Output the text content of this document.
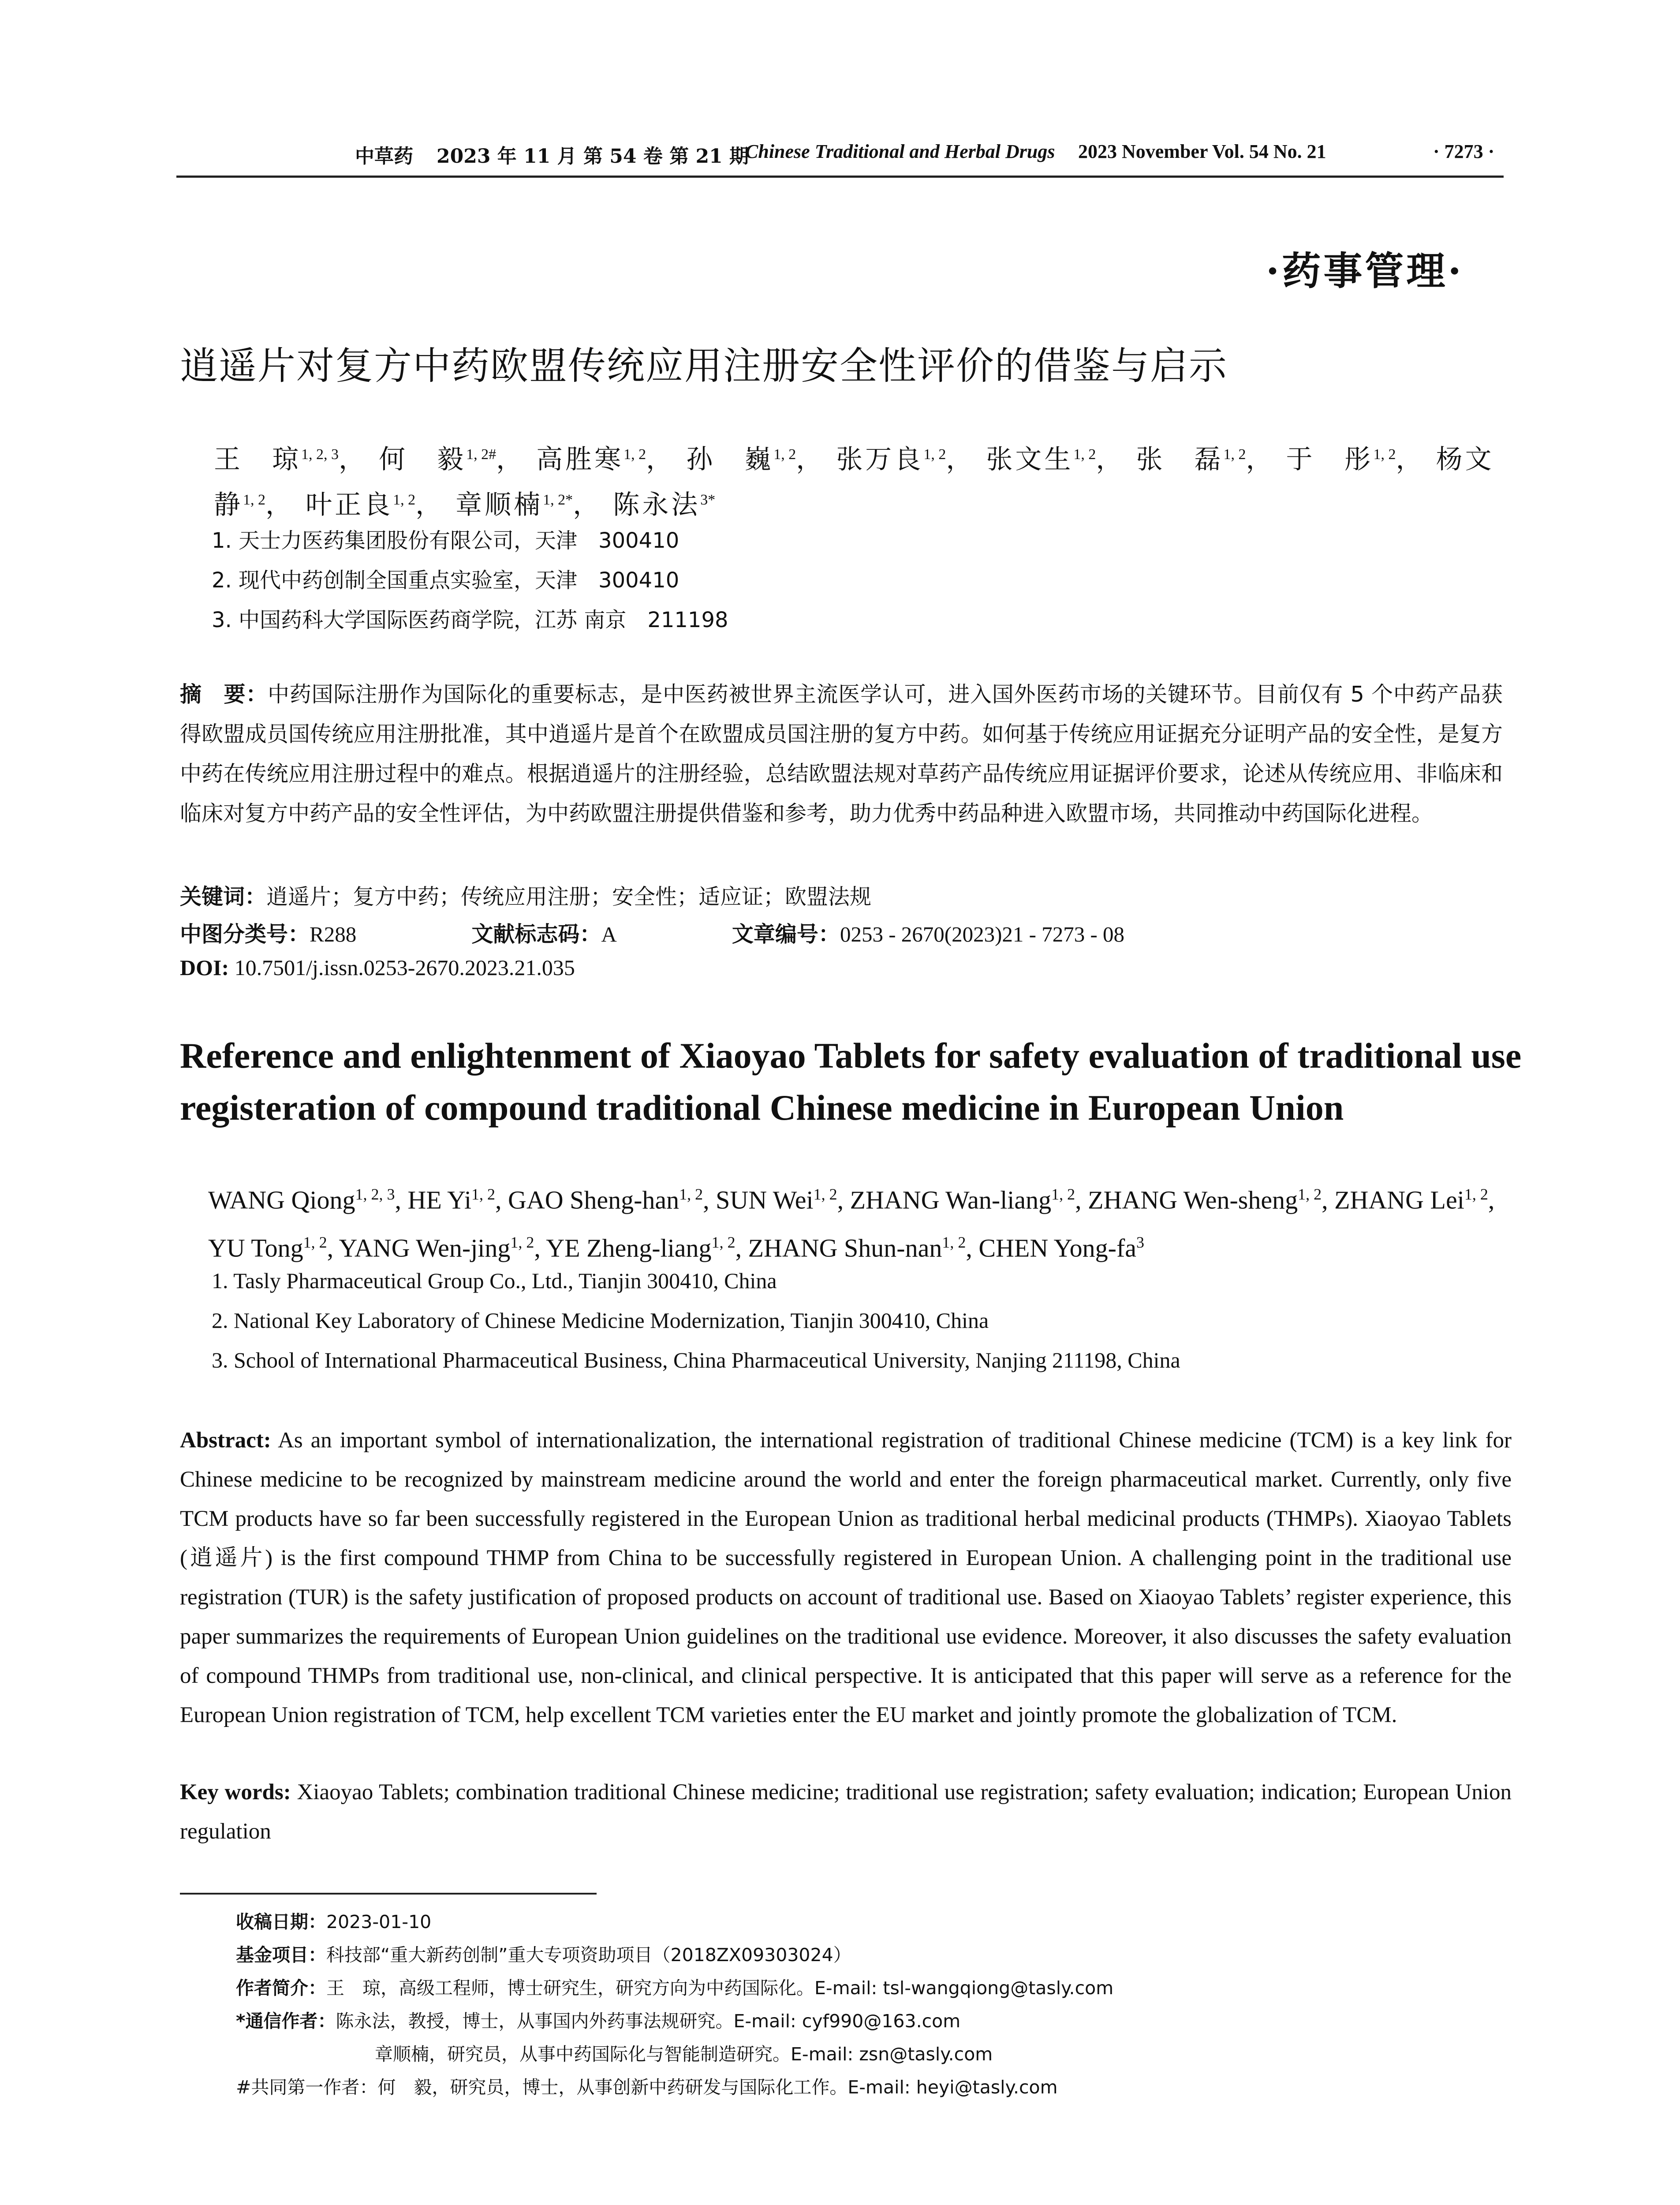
中草药 2023 年 11 月 第 54 卷 第 21 期
Chinese Traditional and Herbal Drugs 2023 November Vol. 54 No. 21	· 7273 ·
·药事管理·
逍遥片对复方中药欧盟传统应用注册安全性评价的借鉴与启示
王　琼$^{1, 2, 3}$， 何　毅$^{1, 2\#}$， 高胜寒$^{1, 2}$， 孙　巍$^{1, 2}$， 张万良$^{1, 2}$， 张文生$^{1, 2}$， 张　磊$^{1, 2}$， 于　彤$^{1, 2}$， 杨文静$^{1, 2}$， 叶正良$^{1, 2}$， 章顺楠$^{1, 2*}$， 陈永法$^{3*}$
1. 天士力医药集团股份有限公司，天津　300410
2. 现代中药创制全国重点实验室，天津　300410
3. 中国药科大学国际医药商学院，江苏 南京　211198
摘　要：中药国际注册作为国际化的重要标志，是中医药被世界主流医学认可，进入国外医药市场的关键环节。目前仅有 5 个中药产品获得欧盟成员国传统应用注册批准，其中逍遥片是首个在欧盟成员国注册的复方中药。如何基于传统应用证据充分证明产品的安全性，是复方中药在传统应用注册过程中的难点。根据逍遥片的注册经验，总结欧盟法规对草药产品传统应用证据评价要求，论述从传统应用、非临床和临床对复方中药产品的安全性评估，为中药欧盟注册提供借鉴和参考，助力优秀中药品种进入欧盟市场，共同推动中药国际化进程。
关键词：逍遥片；复方中药；传统应用注册；安全性；适应证；欧盟法规
中图分类号：R288	文献标志码：A	文章编号：0253 - 2670(2023)21 - 7273 - 08
DOI: 10.7501/j.issn.0253-2670.2023.21.035
Reference and enlightenment of Xiaoyao Tablets for safety evaluation of traditional use registeration of compound traditional Chinese medicine in European Union
WANG Qiong$^{1, 2, 3}$, HE Yi$^{1, 2}$, GAO Sheng-han$^{1, 2}$, SUN Wei$^{1, 2}$, ZHANG Wan-liang$^{1, 2}$, ZHANG Wen-sheng$^{1, 2}$, ZHANG Lei$^{1, 2}$, YU Tong$^{1, 2}$, YANG Wen-jing$^{1, 2}$, YE Zheng-liang$^{1, 2}$, ZHANG Shun-nan$^{1, 2}$, CHEN Yong-$fa^3$
1. Tasly Pharmaceutical Group Co., Ltd., Tianjin 300410, China
2. National Key Laboratory of Chinese Medicine Modernization, Tianjin 300410, China
3. School of International Pharmaceutical Business, China Pharmaceutical University, Nanjing 211198, China
Abstract: As an important symbol of internationalization, the international registration of traditional Chinese medicine (TCM) is a key link for Chinese medicine to be recognized by mainstream medicine around the world and enter the foreign pharmaceutical market. Currently, only five TCM products have so far been successfully registered in the European Union as traditional herbal medicinal products (THMPs). Xiaoyao Tablets (逍遥片) is the first compound THMP from China to be successfully registered in European Union. A challenging point in the traditional use registration (TUR) is the safety justification of proposed products on account of traditional use. Based on Xiaoyao Tablets’ register experience, this paper summarizes the requirements of European Union guidelines on the traditional use evidence. Moreover, it also discusses the safety evaluation of compound THMPs from traditional use, non-clinical, and clinical perspective. It is anticipated that this paper will serve as a reference for the European Union registration of TCM, help excellent TCM varieties enter the EU market and jointly promote the globalization of TCM.
Key words: Xiaoyao Tablets; combination traditional Chinese medicine; traditional use registration; safety evaluation; indication; European Union regulation
收稿日期：2023-01-10
基金项目：科技部“重大新药创制”重大专项资助项目（2018ZX09303024）
作者简介：王　琼，高级工程师，博士研究生，研究方向为中药国际化。E-mail: tsl-wangqiong@tasly.com
*通信作者：陈永法，教授，博士，从事国内外药事法规研究。E-mail: cyf990@163.com
章顺楠，研究员，从事中药国际化与智能制造研究。E-mail: zsn@tasly.com
#共同第一作者：何　毅，研究员，博士，从事创新中药研发与国际化工作。E-mail: heyi@tasly.com
